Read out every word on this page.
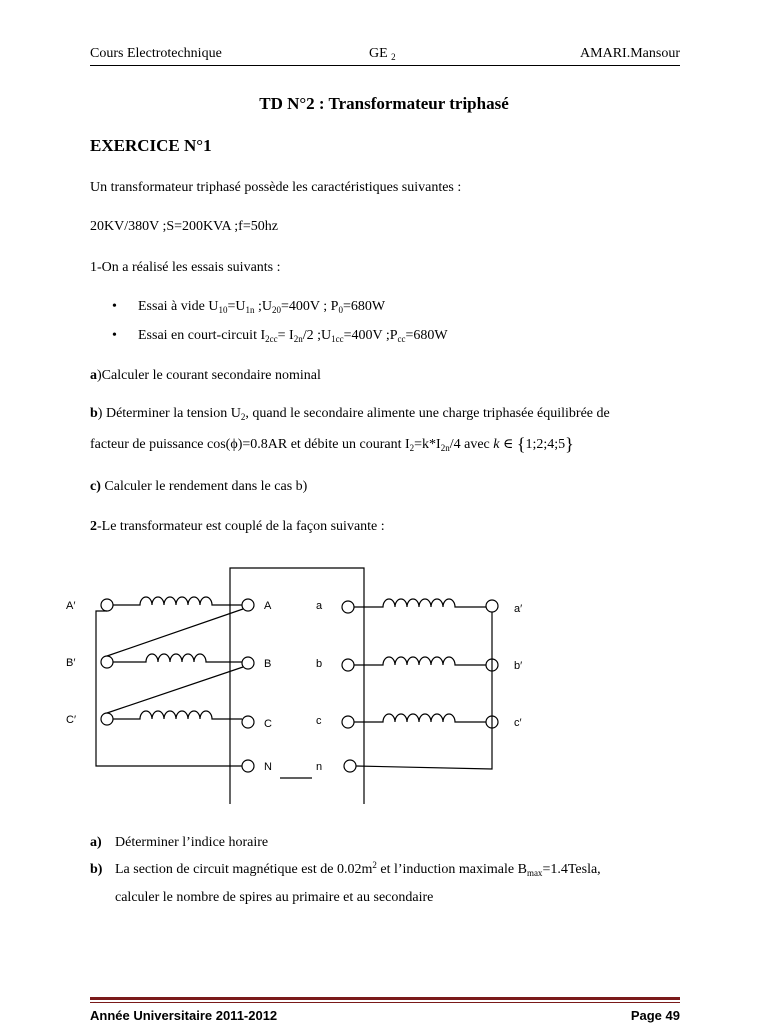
Cours Electrotechnique	GE $_2$	AMARI.Mansour
TD N°2 : Transformateur triphasé
EXERCICE N°1
Un transformateur triphasé possède les caractéristiques suivantes :
20KV/380V ;S=200KVA ;f=50hz
1-On a réalisé les essais suivants :
• Essai à vide $U_{10}=U_{1n}$ $;U_{20}=400V$ ; $P_0=680W$
• Essai en court-circuit $I_{2cc}= I_{2n}/2$ $;U_{1cc}=400V$ $;P_{cc}=680W$
a)Calculer le courant secondaire nominal
b) Déterminer la tension $U_2$, quand le secondaire alimente une charge triphasée équilibrée de
facteur de puissance cos(ϕ)=0.8AR et débite un courant $I_2=k*I_{2n}/4$ avec k ∈ {1;2;4;5}
c) Calculer le rendement dans le cas b)
2-Le transformateur est couplé de la façon suivante :
A′
B′
C′
A
B
C
N
a
b
c
n
a′
b′
c′
a) Déterminer l’indice horaire
b) La section de circuit magnétique est de $0.02m^2$ et l’induction maximale $B_{max}=1.4Tesla$,
calculer le nombre de spires au primaire et au secondaire
Année Universitaire 2011-2012	Page 49
